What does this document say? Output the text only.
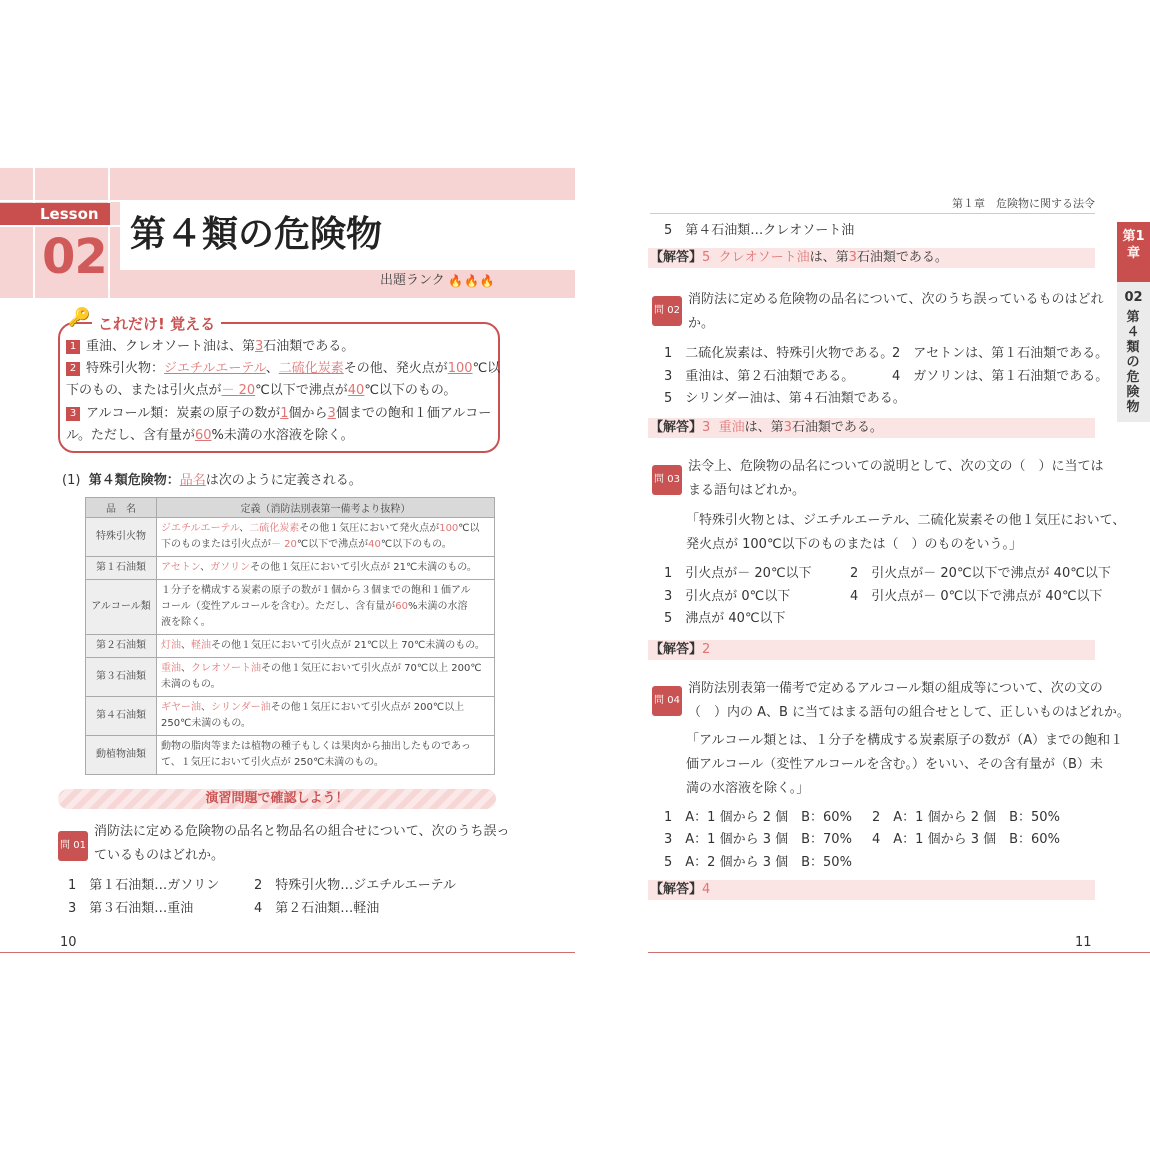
Lesson
02 第４類の危険物
出題ランク 🔥🔥🔥
🔑 これだけ! 覚える
1 重油、クレオソート油は、第3石油類である。
2 特殊引火物：ジエチルエーテル、二硫化炭素その他、発火点が100℃以
下のもの、または引火点が－ 20℃以下で沸点が40℃以下のもの。
3 アルコール類：炭素の原子の数が1個から3個までの飽和１価アルコー
ル。ただし、含有量が60%未満の水溶液を除く。
(1) 第４類危険物：品名は次のように定義される。
品　名	定義（消防法別表第一備考より抜粋）
特殊引火物	ジエチルエーテル、二硫化炭素その他１気圧において発火点が100℃以
下のものまたは引火点が－ 20℃以下で沸点が40℃以下のもの。
第１石油類	アセトン、ガソリンその他１気圧において引火点が 21℃未満のもの。
アルコール類	１分子を構成する炭素の原子の数が１個から３個までの飽和１価アル
コール（変性アルコールを含む）。ただし、含有量が60%未満の水溶
液を除く。
第２石油類	灯油、軽油その他１気圧において引火点が 21℃以上 70℃未満のもの。
第３石油類	重油、クレオソート油その他１気圧において引火点が 70℃以上 200℃
未満のもの。
第４石油類	ギヤー油、シリンダー油その他１気圧において引火点が 200℃以上
250℃未満のもの。
動植物油類	動物の脂肉等または植物の種子もしくは果肉から抽出したものであっ
て、１気圧において引火点が 250℃未満のもの。
演習問題で確認しよう！
問 01
消防法に定める危険物の品名と物品名の組合せについて、次のうち誤っ
ているものはどれか。
1　第１石油類…ガソリン	2　特殊引火物…ジエチルエーテル
3　第３石油類…重油	4　第２石油類…軽油
10
第１章　危険物に関する法令
第1章
02
第４類の危険物
5　第４石油類…クレオソート油
【解答】5 クレオソート油は、第3石油類である。
問 02
消防法に定める危険物の品名について、次のうち誤っているものはどれ
か。
1　二硫化炭素は、特殊引火物である。
2　アセトンは、第１石油類である。
3　重油は、第２石油類である。	4　ガソリンは、第１石油類である。
5　シリンダー油は、第４石油類である。
【解答】3 重油は、第3石油類である。
問 03
法令上、危険物の品名についての説明として、次の文の（　）に当ては
まる語句はどれか。
「特殊引火物とは、ジエチルエーテル、二硫化炭素その他１気圧において、
発火点が 100℃以下のものまたは（　）のものをいう。」
1　引火点が－ 20℃以下	2　引火点が－ 20℃以下で沸点が 40℃以下
3　引火点が 0℃以下	4　引火点が－ 0℃以下で沸点が 40℃以下
5　沸点が 40℃以下
【解答】2
問 04
消防法別表第一備考で定めるアルコール類の組成等について、次の文の
（　）内の A、B に当てはまる語句の組合せとして、正しいものはどれか。
「アルコール類とは、１分子を構成する炭素原子の数が（A）までの飽和１
価アルコール（変性アルコールを含む。）をいい、その含有量が（B）未
満の水溶液を除く。」
1　A：1 個から 2 個　B：60% 2　A：1 個から 2 個　B：50%
3　A：1 個から 3 個　B：70% 4　A：1 個から 3 個　B：60%
5　A：2 個から 3 個　B：50%
【解答】4
11
